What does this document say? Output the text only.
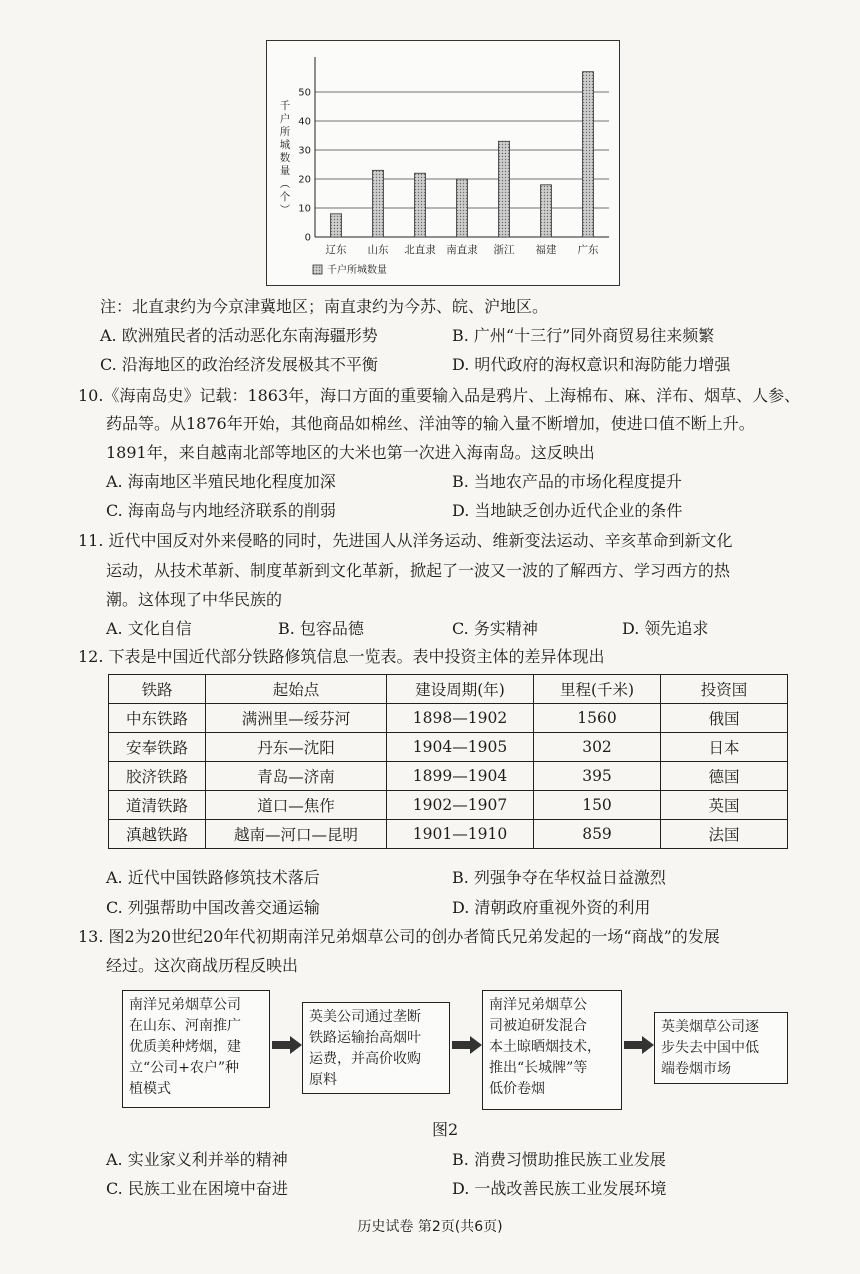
0
10
20
30
40
50
辽东 山东 北直隶 南直隶 浙江 福建 广东
千
户
所
城
数
量
︵
个
︶
千户所城数量
注：北直隶约为今京津冀地区；南直隶约为今苏、皖、沪地区。
A. 欧洲殖民者的活动恶化东南海疆形势	B. 广州“十三行”同外商贸易往来频繁
C. 沿海地区的政治经济发展极其不平衡	D. 明代政府的海权意识和海防能力增强
10.《海南岛史》记载：1863年，海口方面的重要输入品是鸦片、上海棉布、麻、洋布、烟草、人参、
药品等。从1876年开始，其他商品如棉丝、洋油等的输入量不断增加，使进口值不断上升。
1891年，来自越南北部等地区的大米也第一次进入海南岛。这反映出
A. 海南地区半殖民地化程度加深	B. 当地农产品的市场化程度提升
C. 海南岛与内地经济联系的削弱	D. 当地缺乏创办近代企业的条件
11. 近代中国反对外来侵略的同时，先进国人从洋务运动、维新变法运动、辛亥革命到新文化
运动，从技术革新、制度革新到文化革新，掀起了一波又一波的了解西方、学习西方的热
潮。这体现了中华民族的
A. 文化自信	B. 包容品德	C. 务实精神	D. 领先追求
12. 下表是中国近代部分铁路修筑信息一览表。表中投资主体的差异体现出
铁路	起始点	建设周期(年)	里程(千米)	投资国
中东铁路	满洲里—绥芬河	1898—1902	1560	俄国
安奉铁路	丹东—沈阳	1904—1905	302	日本
胶济铁路	青岛—济南	1899—1904	395	德国
道清铁路	道口—焦作	1902—1907	150	英国
滇越铁路	越南—河口—昆明	1901—1910	859	法国
A. 近代中国铁路修筑技术落后	B. 列强争夺在华权益日益激烈
C. 列强帮助中国改善交通运输	D. 清朝政府重视外资的利用
13. 图2为20世纪20年代初期南洋兄弟烟草公司的创办者简氏兄弟发起的一场“商战”的发展
经过。这次商战历程反映出
南洋兄弟烟草公司
在山东、河南推广
优质美种烤烟，建
立“公司+农户”种
植模式
英美公司通过垄断
铁路运输抬高烟叶
运费，并高价收购
原料
南洋兄弟烟草公
司被迫研发混合
本土晾晒烟技术，
推出“长城牌”等
低价卷烟
英美烟草公司逐
步失去中国中低
端卷烟市场
图2
A. 实业家义利并举的精神	B. 消费习惯助推民族工业发展
C. 民族工业在困境中奋进	D. 一战改善民族工业发展环境
历史试卷 第2页(共6页)
